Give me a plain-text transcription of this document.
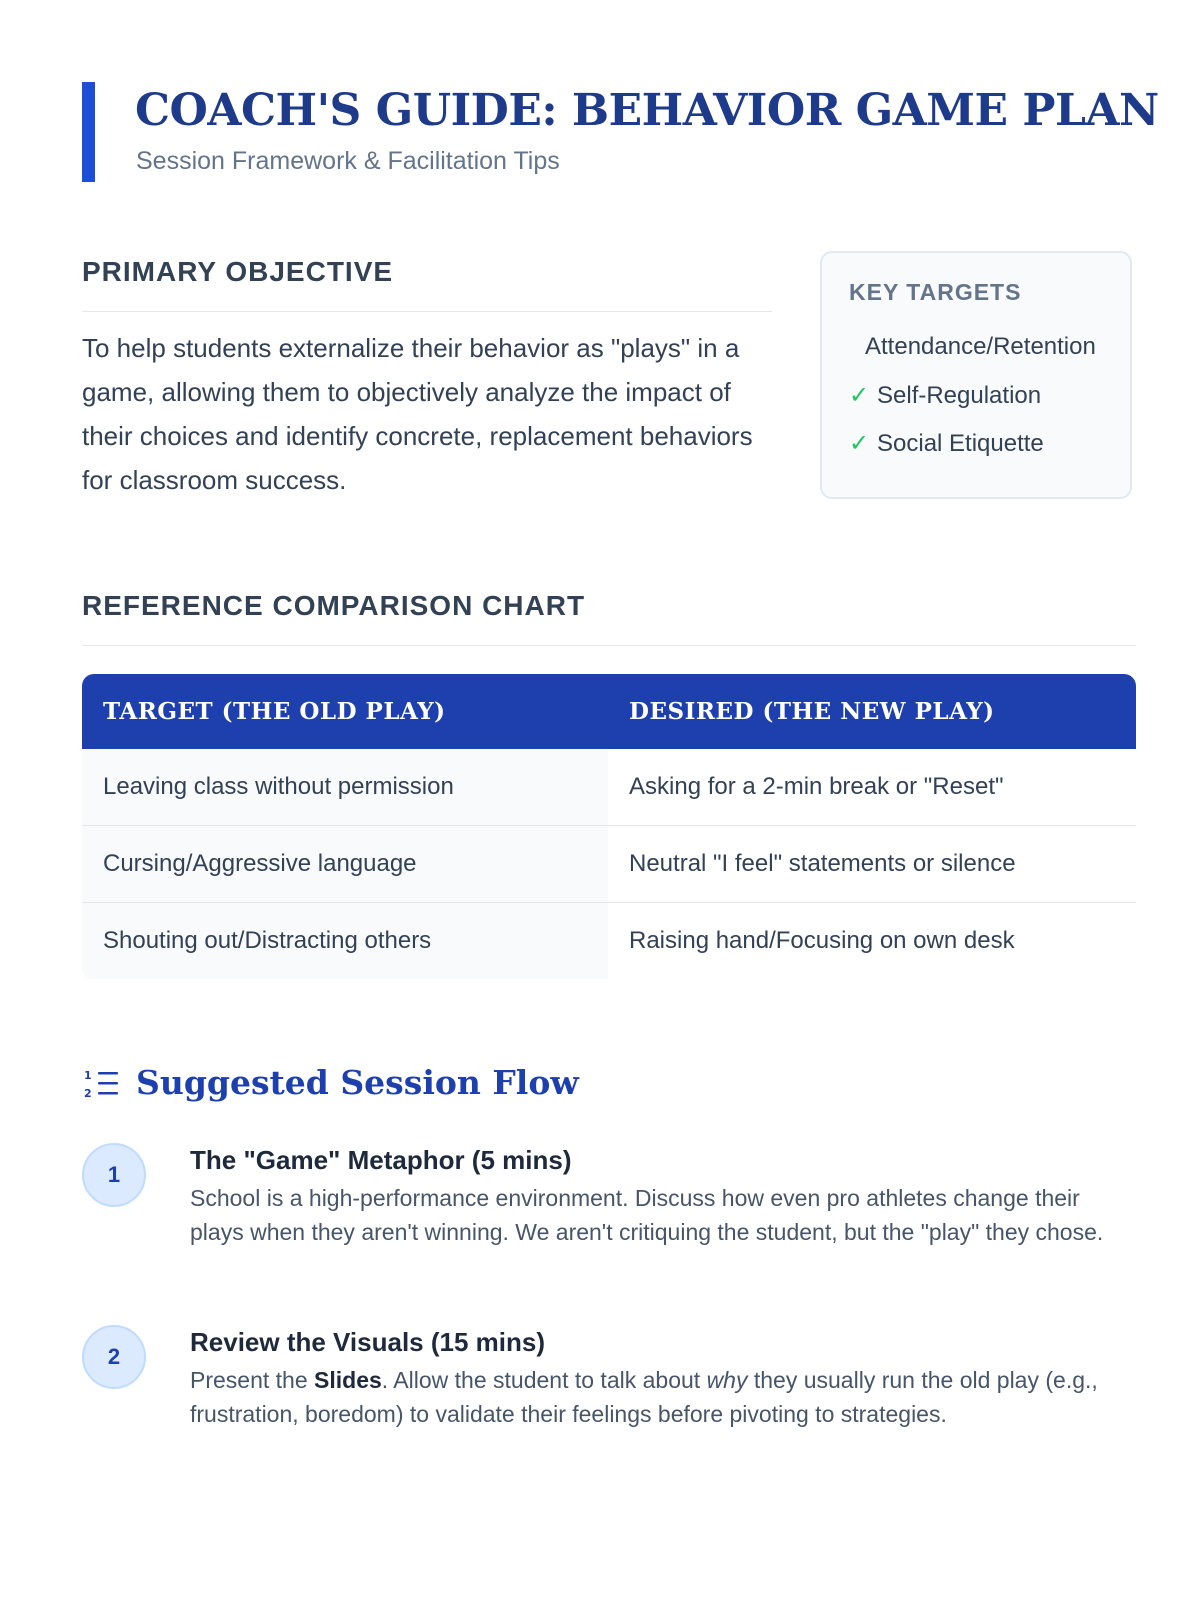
COACH'S GUIDE: BEHAVIOR GAME PLAN
Session Framework & Facilitation Tips
PRIMARY OBJECTIVE

To help students externalize their behavior as "plays" in a game, allowing them to objectively analyze the impact of their choices and identify concrete, replacement behaviors for classroom success.

KEY TARGETS
Attendance/Retention
✓ Self-Regulation
✓ Social Etiquette
REFERENCE COMPARISON CHART
TARGET (THE OLD PLAY)	DESIRED (THE NEW PLAY)
Leaving class without permission	Asking for a 2-min break or "Reset"
Cursing/Aggressive language	Neutral "I feel" statements or silence
Shouting out/Distracting others	Raising hand/Focusing on own desk
1
2 Suggested Session Flow
1	The "Game" Metaphor (5 mins)

School is a high-performance environment. Discuss how even pro athletes change their plays when they aren't winning. We aren't critiquing the student, but the "play" they chose.

2	Review the Visuals (15 mins)

Present the Slides. Allow the student to talk about why they usually run the old play (e.g., frustration, boredom) to validate their feelings before pivoting to strategies.
